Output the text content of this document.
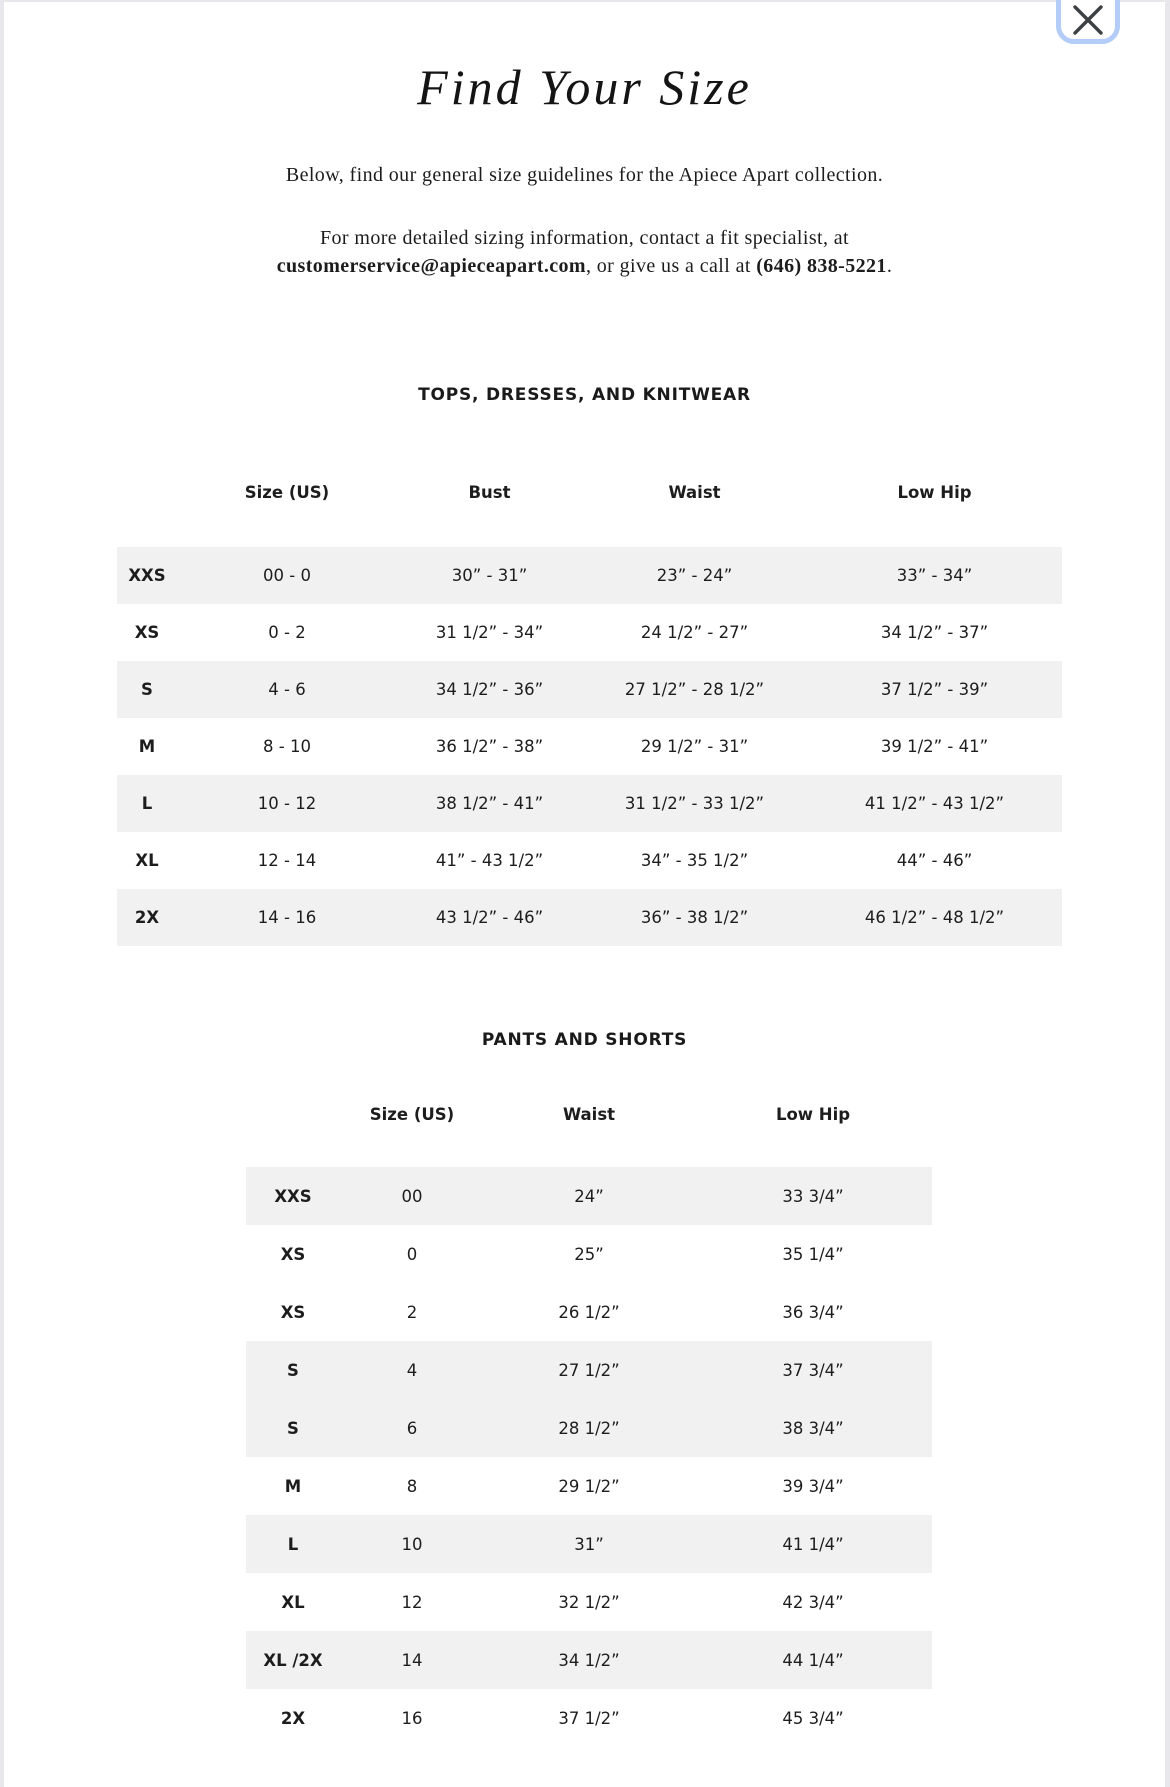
Find Your Size
Below, find our general size guidelines for the Apiece Apart collection.
For more detailed sizing information, contact a fit specialist, at customerservice@apieceapart.com, or give us a call at (646) 838-5221.
TOPS, DRESSES, AND KNITWEAR
Size (US)	Bust	Waist	Low Hip
XXS	00 - 0	30” - 31”	23” - 24”	33” - 34”
XS	0 - 2	31 1/2” - 34”	24 1/2” - 27”	34 1/2” - 37”
S	4 - 6	34 1/2” - 36”	27 1/2” - 28 1/2”	37 1/2” - 39”
M	8 - 10	36 1/2” - 38”	29 1/2” - 31”	39 1/2” - 41”
L	10 - 12	38 1/2” - 41”	31 1/2” - 33 1/2”	41 1/2” - 43 1/2”
XL	12 - 14	41” - 43 1/2”	34” - 35 1/2”	44” - 46”
2X	14 - 16	43 1/2” - 46”	36” - 38 1/2”	46 1/2” - 48 1/2”
PANTS AND SHORTS
Size (US)	Waist	Low Hip
XXS	00	24”	33 3/4”
XS	0	25”	35 1/4”
XS	2	26 1/2”	36 3/4”
S	4	27 1/2”	37 3/4”
S	6	28 1/2”	38 3/4”
M	8	29 1/2”	39 3/4”
L	10	31”	41 1/4”
XL	12	32 1/2”	42 3/4”
XL /2X	14	34 1/2”	44 1/4”
2X	16	37 1/2”	45 3/4”
